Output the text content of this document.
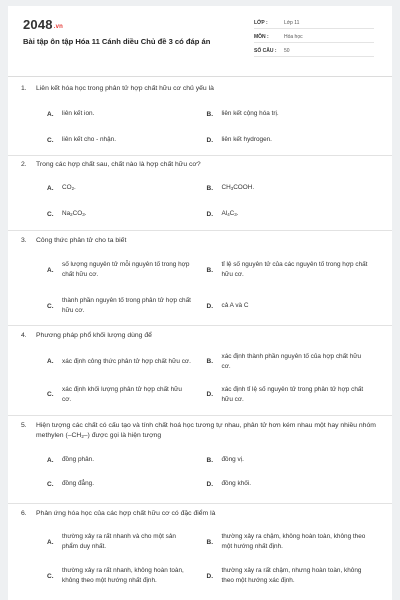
2048.vn
Bài tập ôn tập Hóa 11 Cánh diều Chủ đề 3 có đáp án
LỚP :	Lớp 11
MÔN :	Hóa học
SỐ CÂU : 50
1. Liên kết hóa học trong phân tử hợp chất hữu cơ chủ yếu là
A. liên kết ion.	B. liên kết cộng hóa trị.
C. liên kết cho - nhận.	D. liên kết hydrogen.
2. Trong các hợp chất sau, chất nào là hợp chất hữu cơ?
A. $CO_2$.	B. $CH_3COOH$.
C. $Na_2CO_3$.	D. $Al_4C_3$.
3. Công thức phân tử cho ta biết
A.
số lượng nguyên tử mỗi nguyên tố trong hợp chất hữu cơ.
B.
tỉ lệ số nguyên tử của các nguyên tố trong hợp chất hữu cơ.
C.
thành phần nguyên tố trong phân tử hợp chất hữu cơ.
D. cả A và C
4. Phương pháp phổ khối lượng dùng để
A. xác định công thức phân tử hợp chất hữu cơ.	B.
xác định thành phần nguyên tố của hợp chất hữu cơ.
C.
xác định khối lượng phân tử hợp chất hữu cơ.
D.
xác định tỉ lệ số nguyên tử trong phân tử hợp chất hữu cơ.
5. Hiện tượng các chất có cấu tạo và tính chất hoá học tương tự nhau, phân tử hơn kém nhau một hay nhiều nhóm methylen $(-CH_2-)$ được gọi là hiện tượng
A. đồng phân.	B. đồng vị.
C. đồng đẳng.	D. đồng khối.
6. Phản ứng hóa học của các hợp chất hữu cơ có đặc điểm là
A.
thường xảy ra rất nhanh và cho một sản phẩm duy nhất.
B.
thường xảy ra chậm, không hoàn toàn, không theo một hướng nhất định.
C.
thường xảy ra rất nhanh, không hoàn toàn, không theo một hướng nhất định.
D.
thường xảy ra rất chậm, nhưng hoàn toàn, không theo một hướng xác định.
